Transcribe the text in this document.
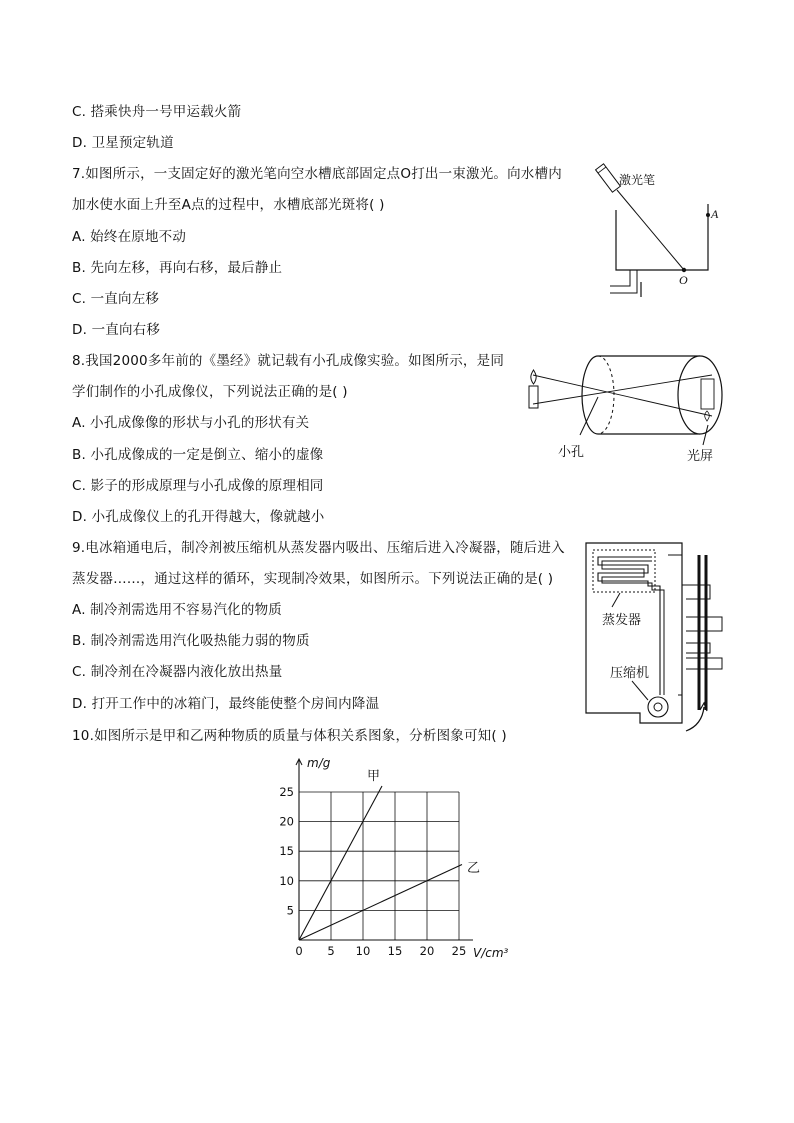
C. 搭乘快舟一号甲运载火箭
D. 卫星预定轨道
7.如图所示，一支固定好的激光笔向空水槽底部固定点O打出一束激光。向水槽内
加水使水面上升至A点的过程中，水槽底部光斑将( )
A. 始终在原地不动
B. 先向左移，再向右移，最后静止
C. 一直向左移
D. 一直向右移
8.我国2000多年前的《墨经》就记载有小孔成像实验。如图所示，是同
学们制作的小孔成像仪，下列说法正确的是( )
A. 小孔成像像的形状与小孔的形状有关
B. 小孔成像成的一定是倒立、缩小的虚像
C. 影子的形成原理与小孔成像的原理相同
D. 小孔成像仪上的孔开得越大，像就越小
9.电冰箱通电后，制冷剂被压缩机从蒸发器内吸出、压缩后进入冷凝器，随后进入
蒸发器……，通过这样的循环，实现制冷效果，如图所示。下列说法正确的是( )
A. 制冷剂需选用不容易汽化的物质
B. 制冷剂需选用汽化吸热能力弱的物质
C. 制冷剂在冷凝器内液化放出热量
D. 打开工作中的冰箱门，最终能使整个房间内降温
10.如图所示是甲和乙两种物质的质量与体积关系图象，分析图象可知( )
激光笔
A
O
小孔	光屏
蒸发器
压缩机
0 5 10 15 20 25
5
10
15
20
25
m/g
V/cm³
甲
乙
